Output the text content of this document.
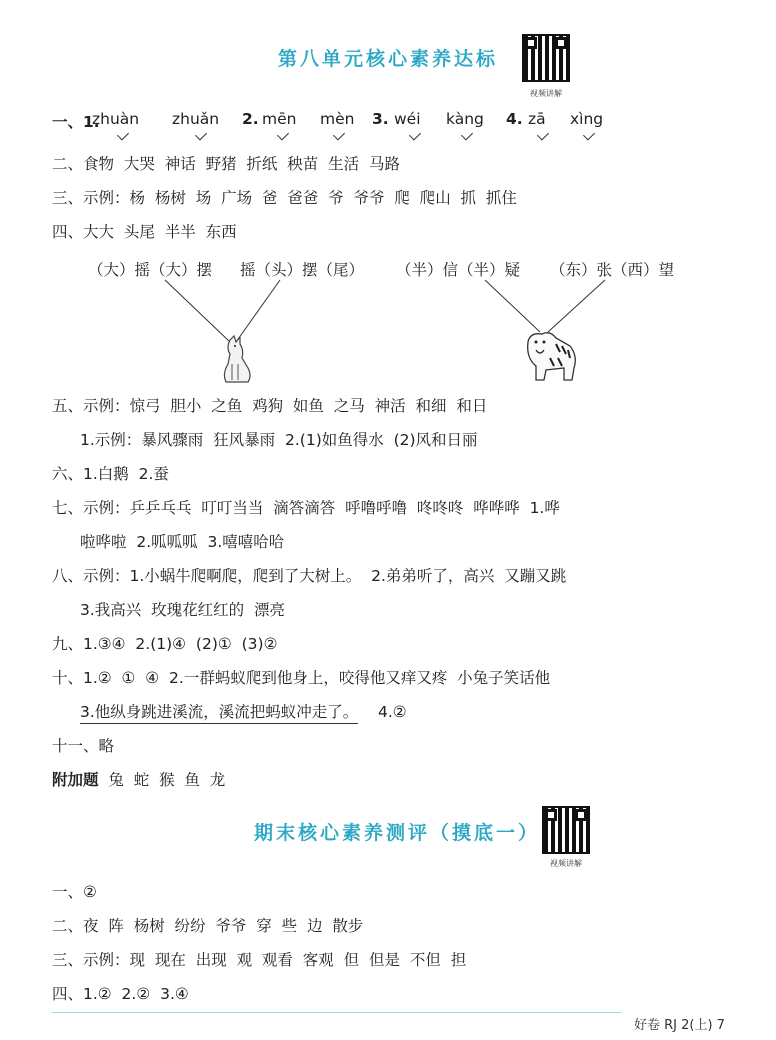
第八单元核心素养达标
视频讲解
一、1.
zhuàn zhuǎn 2. mēn mèn 3. wéi kàng 4. zā xìng
二、食物  大哭  神话  野猪  折纸  秧苗  生活  马路
三、示例：杨  杨树  场  广场  爸  爸爸  爷  爷爷  爬  爬山  抓  抓住
四、大大  头尾  半半  东西
（大）摇（大）摆 摇（头）摆（尾） （半）信（半）疑 （东）张（西）望
五、示例：惊弓  胆小  之鱼  鸡狗  如鱼  之马  神活  和细  和日
1.示例：暴风骤雨  狂风暴雨  2.(1)如鱼得水  (2)风和日丽
六、1.白鹅  2.蚕
七、示例：乒乒乓乓  叮叮当当  滴答滴答  呼噜呼噜  咚咚咚  哗哗哗  1.哗
啦哗啦  2.呱呱呱  3.嘻嘻哈哈
八、示例：1.小蜗牛爬啊爬，爬到了大树上。  2.弟弟听了，高兴  又蹦又跳
3.我高兴  玫瑰花红红的  漂亮
九、1.③④  2.(1)④  (2)①  (3)②
十、1.②  ①  ④  2.一群蚂蚁爬到他身上，咬得他又痒又疼  小兔子笑话他
3.他纵身跳进溪流，溪流把蚂蚁冲走了。 4.②
十一、略
附加题 兔  蛇  猴  鱼  龙
期末核心素养测评（摸底一）
视频讲解
一、②
二、夜  阵  杨树  纷纷  爷爷  穿  些  边  散步
三、示例：现  现在  出现  观  观看  客观  但  但是  不但  担
四、1.②  2.②  3.④
好卷 RJ 2(上) 7
